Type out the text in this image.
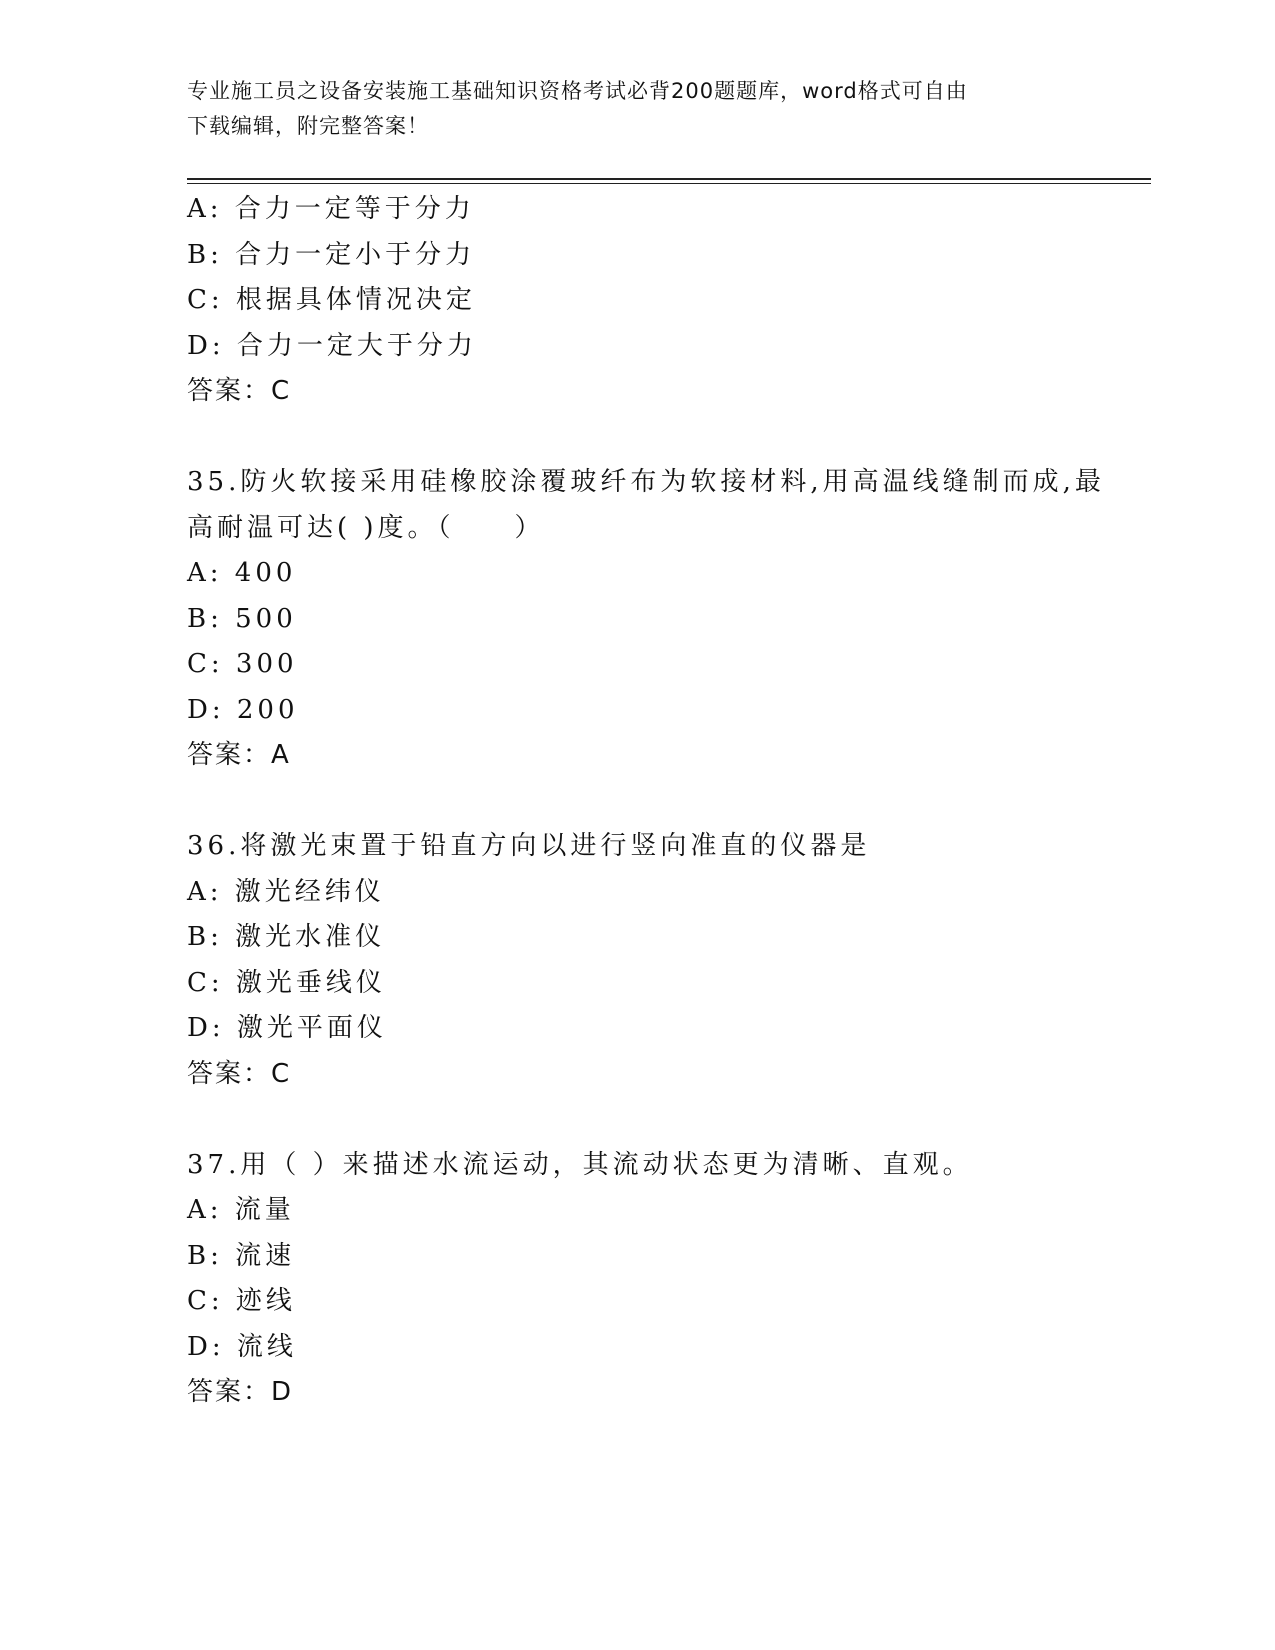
专业施工员之设备安装施工基础知识资格考试必背200题题库，word格式可自由
下载编辑，附完整答案！
A: 合力一定等于分力
B: 合力一定小于分力
C: 根据具体情况决定
D: 合力一定大于分力
答案：C
35.防火软接采用硅橡胶涂覆玻纤布为软接材料,用高温线缝制而成,最
高耐温可达( )度。（　　）
A: 400
B: 500
C: 300
D: 200
答案：A
36.将激光束置于铅直方向以进行竖向准直的仪器是
A: 激光经纬仪
B: 激光水准仪
C: 激光垂线仪
D: 激光平面仪
答案：C
37.用（ ）来描述水流运动，其流动状态更为清晰、直观。
A: 流量
B: 流速
C: 迹线
D: 流线
答案：D
